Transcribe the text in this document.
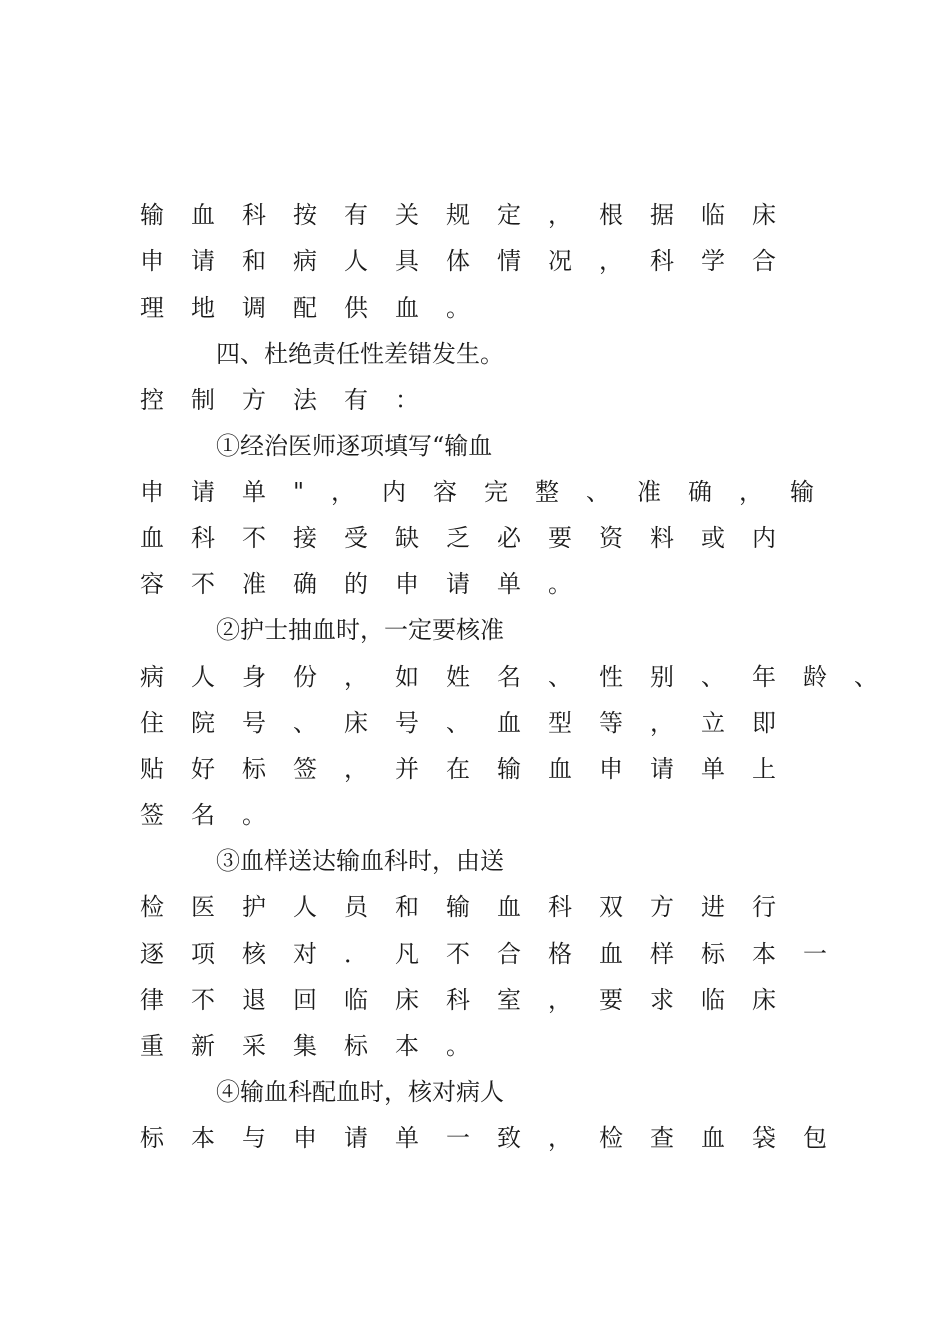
输血科按有关规定，根据临床
申请和病人具体情况，科学合
理地调配供血。
四、杜绝责任性差错发生。
控制方法有：
①经治医师逐项填写“输血
申请单"，内容完整、准确，输
血科不接受缺乏必要资料或内
容不准确的申请单。
②护士抽血时，一定要核准
病人身份，如姓名、性别、年龄、
住院号、床号、血型等，立即
贴好标签，并在输血申请单上
签名。
③血样送达输血科时，由送
检医护人员和输血科双方进行
逐项核对．凡不合格血样标本一
律不退回临床科室，要求临床
重新采集标本。
④输血科配血时，核对病人
标本与申请单一致，检查血袋包
